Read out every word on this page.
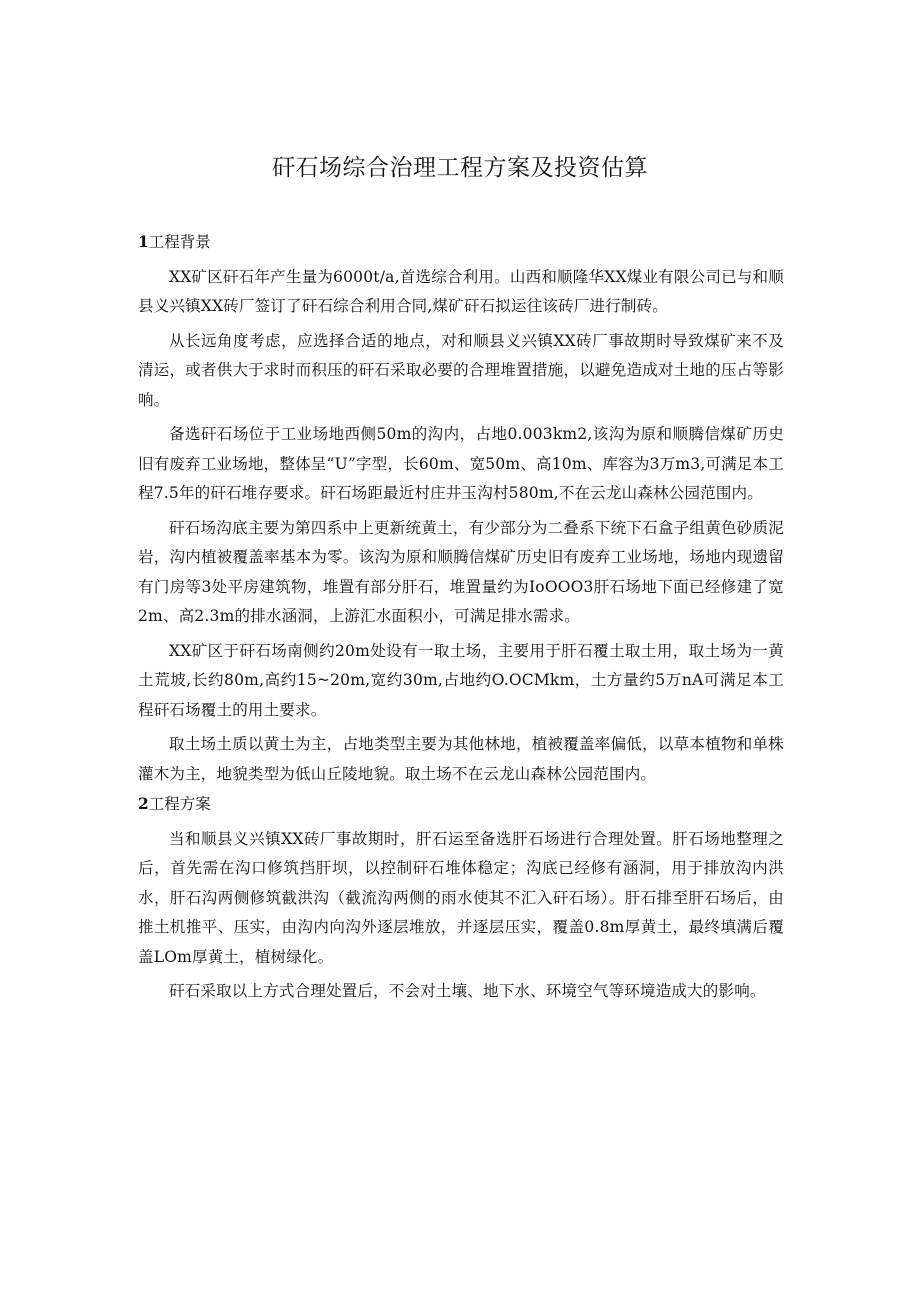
矸石场综合治理工程方案及投资估算
1工程背景

XX矿区矸石年产生量为6000t/a,首选综合利用。山西和顺隆华XX煤业有限公司已与和顺县义兴镇XX砖厂签订了矸石综合利用合同,煤矿矸石拟运往该砖厂进行制砖。

从长远角度考虑，应选择合适的地点，对和顺县义兴镇XX砖厂事故期时导致煤矿来不及清运，或者供大于求时而积压的矸石采取必要的合理堆置措施，以避免造成对土地的压占等影响。

备选矸石场位于工业场地西侧50m的沟内，占地0.003km2,该沟为原和顺腾信煤矿历史旧有废弃工业场地，整体呈“U”字型，长60m、宽50m、高10m、库容为3万m3,可满足本工程7.5年的矸石堆存要求。矸石场距最近村庄井玉沟村580m,不在云龙山森林公园范围内。

矸石场沟底主要为第四系中上更新统黄土，有少部分为二叠系下统下石盒子组黄色砂质泥岩，沟内植被覆盖率基本为零。该沟为原和顺腾信煤矿历史旧有废弃工业场地，场地内现遗留有门房等3处平房建筑物，堆置有部分肝石，堆置量约为IoOOO3肝石场地下面已经修建了宽2m、高2.3m的排水涵洞，上游汇水面积小，可满足排水需求。

XX矿区于矸石场南侧约20m处设有一取土场，主要用于肝石覆土取土用，取土场为一黄土荒坡,长约80m,高约15~20m,宽约30m,占地约O.OCMkm，土方量约5万nA可满足本工程矸石场覆土的用土要求。

取土场土质以黄土为主，占地类型主要为其他林地，植被覆盖率偏低，以草本植物和单株灌木为主，地貌类型为低山丘陵地貌。取土场不在云龙山森林公园范围内。

2工程方案

当和顺县义兴镇XX砖厂事故期时，肝石运至备选肝石场进行合理处置。肝石场地整理之后，首先需在沟口修筑挡肝坝，以控制矸石堆体稳定；沟底已经修有涵洞，用于排放沟内洪水，肝石沟两侧修筑截洪沟（截流沟两侧的雨水使其不汇入矸石场）。肝石排至肝石场后，由推土机推平、压实，由沟内向沟外逐层堆放，并逐层压实，覆盖0.8m厚黄土，最终填满后覆盖LOm厚黄土，植树绿化。

矸石采取以上方式合理处置后，不会对土壤、地下水、环境空气等环境造成大的影响。
